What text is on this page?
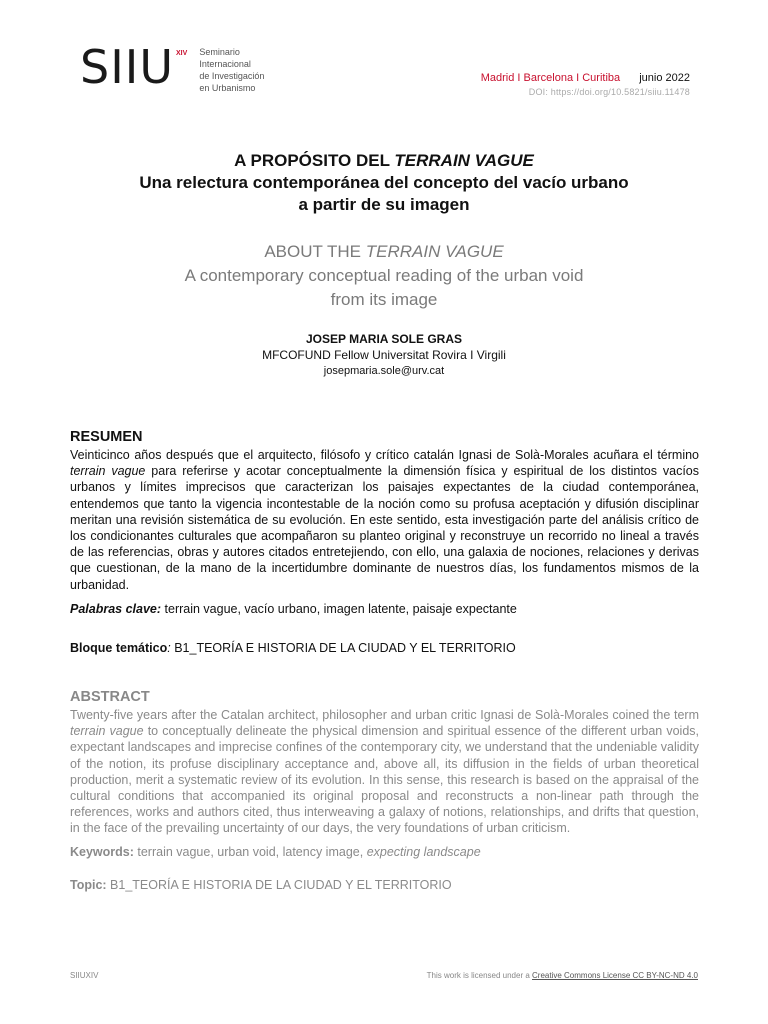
SIIU XIV Seminario
Internacional
de Investigación
en Urbanismo
Madrid I Barcelona I Curitiba junio 2022
DOI: https://doi.org/10.5821/siiu.11478
A PROPÓSITO DEL TERRAIN VAGUE
Una relectura contemporánea del concepto del vacío urbano
a partir de su imagen
ABOUT THE TERRAIN VAGUE
A contemporary conceptual reading of the urban void
from its image
JOSEP MARIA SOLE GRAS
MFCOFUND Fellow Universitat Rovira I Virgili
josepmaria.sole@urv.cat
RESUMEN
Veinticinco años después que el arquitecto, filósofo y crítico catalán Ignasi de Solà-Morales acuñara el término terrain vague para referirse y acotar conceptualmente la dimensión física y espiritual de los distintos vacíos urbanos y límites imprecisos que caracterizan los paisajes expectantes de la ciudad contemporánea, entendemos que tanto la vigencia incontestable de la noción como su profusa aceptación y difusión disciplinar meritan una revisión sistemática de su evolución. En este sentido, esta investigación parte del análisis crítico de los condicionantes culturales que acompañaron su planteo original y reconstruye un recorrido no lineal a través de las referencias, obras y autores citados entretejiendo, con ello, una galaxia de nociones, relaciones y derivas que cuestionan, de la mano de la incertidumbre dominante de nuestros días, los fundamentos mismos de la urbanidad.
Palabras clave: terrain vague, vacío urbano, imagen latente, paisaje expectante
Bloque temático: B1_TEORÍA E HISTORIA DE LA CIUDAD Y EL TERRITORIO
ABSTRACT
Twenty-five years after the Catalan architect, philosopher and urban critic Ignasi de Solà-Morales coined the term terrain vague to conceptually delineate the physical dimension and spiritual essence of the different urban voids, expectant landscapes and imprecise confines of the contemporary city, we understand that the undeniable validity of the notion, its profuse disciplinary acceptance and, above all, its diffusion in the fields of urban theoretical production, merit a systematic review of its evolution. In this sense, this research is based on the appraisal of the cultural conditions that accompanied its original proposal and reconstructs a non-linear path through the references, works and authors cited, thus interweaving a galaxy of notions, relationships, and drifts that question, in the face of the prevailing uncertainty of our days, the very foundations of urban criticism.
Keywords: terrain vague, urban void, latency image, expecting landscape
Topic: B1_TEORÍA E HISTORIA DE LA CIUDAD Y EL TERRITORIO
SIIUXIV	This work is licensed under a Creative Commons License CC BY-NC-ND 4.0
